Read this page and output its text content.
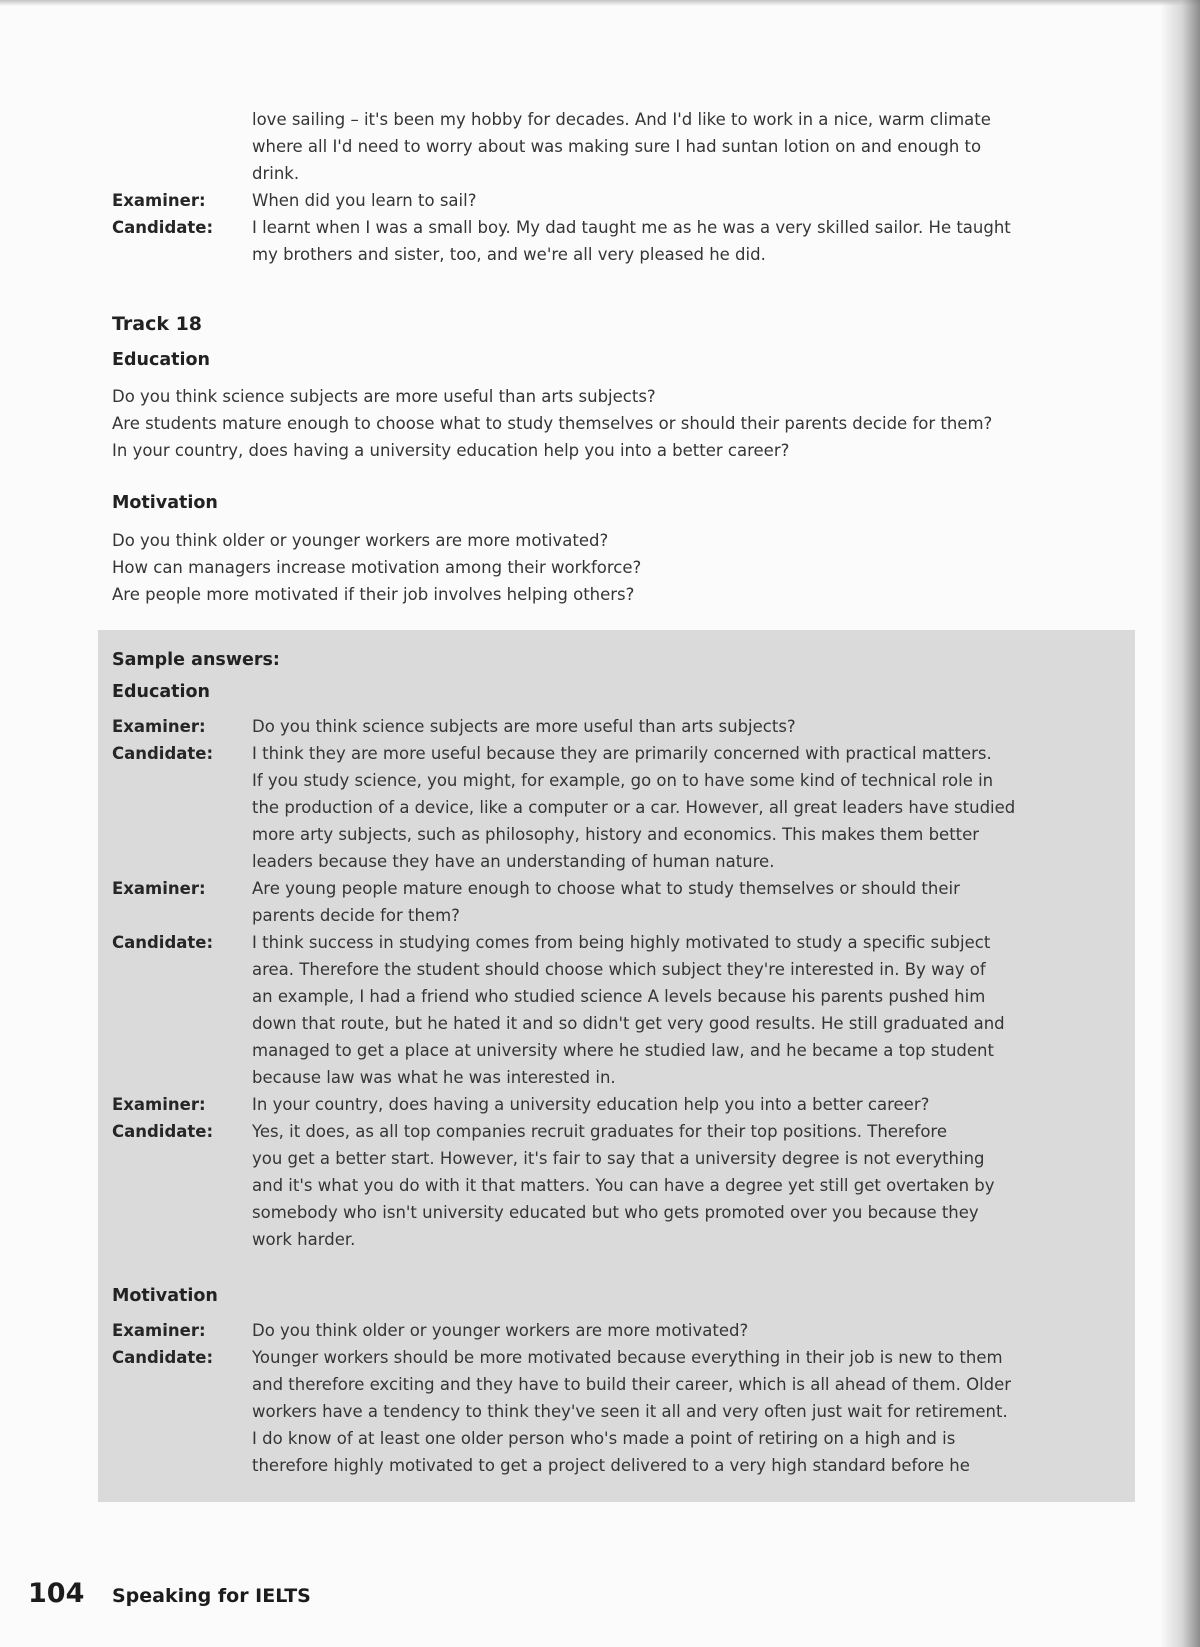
love sailing – it's been my hobby for decades. And I'd like to work in a nice, warm climate
where all I'd need to worry about was making sure I had suntan lotion on and enough to
drink.
Examiner:	When did you learn to sail?
Candidate:	I learnt when I was a small boy. My dad taught me as he was a very skilled sailor. He taught
my brothers and sister, too, and we're all very pleased he did.
Track 18
Education

Do you think science subjects are more useful than arts subjects?

Are students mature enough to choose what to study themselves or should their parents decide for them?

In your country, does having a university education help you into a better career?

Motivation

Do you think older or younger workers are more motivated?

How can managers increase motivation among their workforce?

Are people more motivated if their job involves helping others?

Sample answers:
Education
Examiner:	Do you think science subjects are more useful than arts subjects?
Candidate:	I think they are more useful because they are primarily concerned with practical matters.
If you study science, you might, for example, go on to have some kind of technical role in
the production of a device, like a computer or a car. However, all great leaders have studied
more arty subjects, such as philosophy, history and economics. This makes them better
leaders because they have an understanding of human nature.
Examiner:	Are young people mature enough to choose what to study themselves or should their
parents decide for them?
Candidate:	I think success in studying comes from being highly motivated to study a specific subject
area. Therefore the student should choose which subject they're interested in. By way of
an example, I had a friend who studied science A levels because his parents pushed him
down that route, but he hated it and so didn't get very good results. He still graduated and
managed to get a place at university where he studied law, and he became a top student
because law was what he was interested in.
Examiner:	In your country, does having a university education help you into a better career?
Candidate:	Yes, it does, as all top companies recruit graduates for their top positions. Therefore
you get a better start. However, it's fair to say that a university degree is not everything
and it's what you do with it that matters. You can have a degree yet still get overtaken by
somebody who isn't university educated but who gets promoted over you because they
work harder.
Motivation
Examiner:	Do you think older or younger workers are more motivated?
Candidate:	Younger workers should be more motivated because everything in their job is new to them
and therefore exciting and they have to build their career, which is all ahead of them. Older
workers have a tendency to think they've seen it all and very often just wait for retirement.
I do know of at least one older person who's made a point of retiring on a high and is
therefore highly motivated to get a project delivered to a very high standard before he
104 Speaking for IELTS
